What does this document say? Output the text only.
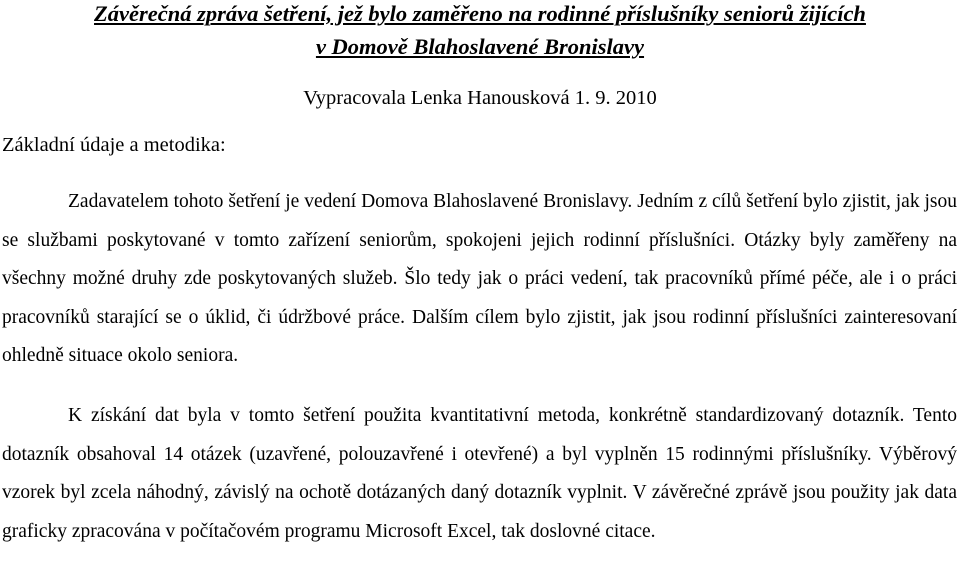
Závěrečná zpráva šetření, jež bylo zaměřeno na rodinné příslušníky seniorů žijících
v Domově Blahoslavené Bronislavy
Vypracovala Lenka Hanousková 1. 9. 2010
Základní údaje a metodika:

Zadavatelem tohoto šetření je vedení Domova Blahoslavené Bronislavy. Jedním z cílů šetření bylo zjistit, jak jsou se službami poskytované v tomto zařízení seniorům, spokojeni jejich rodinní příslušníci. Otázky byly zaměřeny na všechny možné druhy zde poskytovaných služeb. Šlo tedy jak o práci vedení, tak pracovníků přímé péče, ale i o práci pracovníků starající se o úklid, či údržbové práce. Dalším cílem bylo zjistit, jak jsou rodinní příslušníci zainteresovaní ohledně situace okolo seniora.

K získání dat byla v tomto šetření použita kvantitativní metoda, konkrétně standardizovaný dotazník. Tento dotazník obsahoval 14 otázek (uzavřené, polouzavřené i otevřené) a byl vyplněn 15 rodinnými příslušníky. Výběrový vzorek byl zcela náhodný, závislý na ochotě dotázaných daný dotazník vyplnit. V závěrečné zprávě jsou použity jak data graficky zpracována v počítačovém programu Microsoft Excel, tak doslovné citace.
